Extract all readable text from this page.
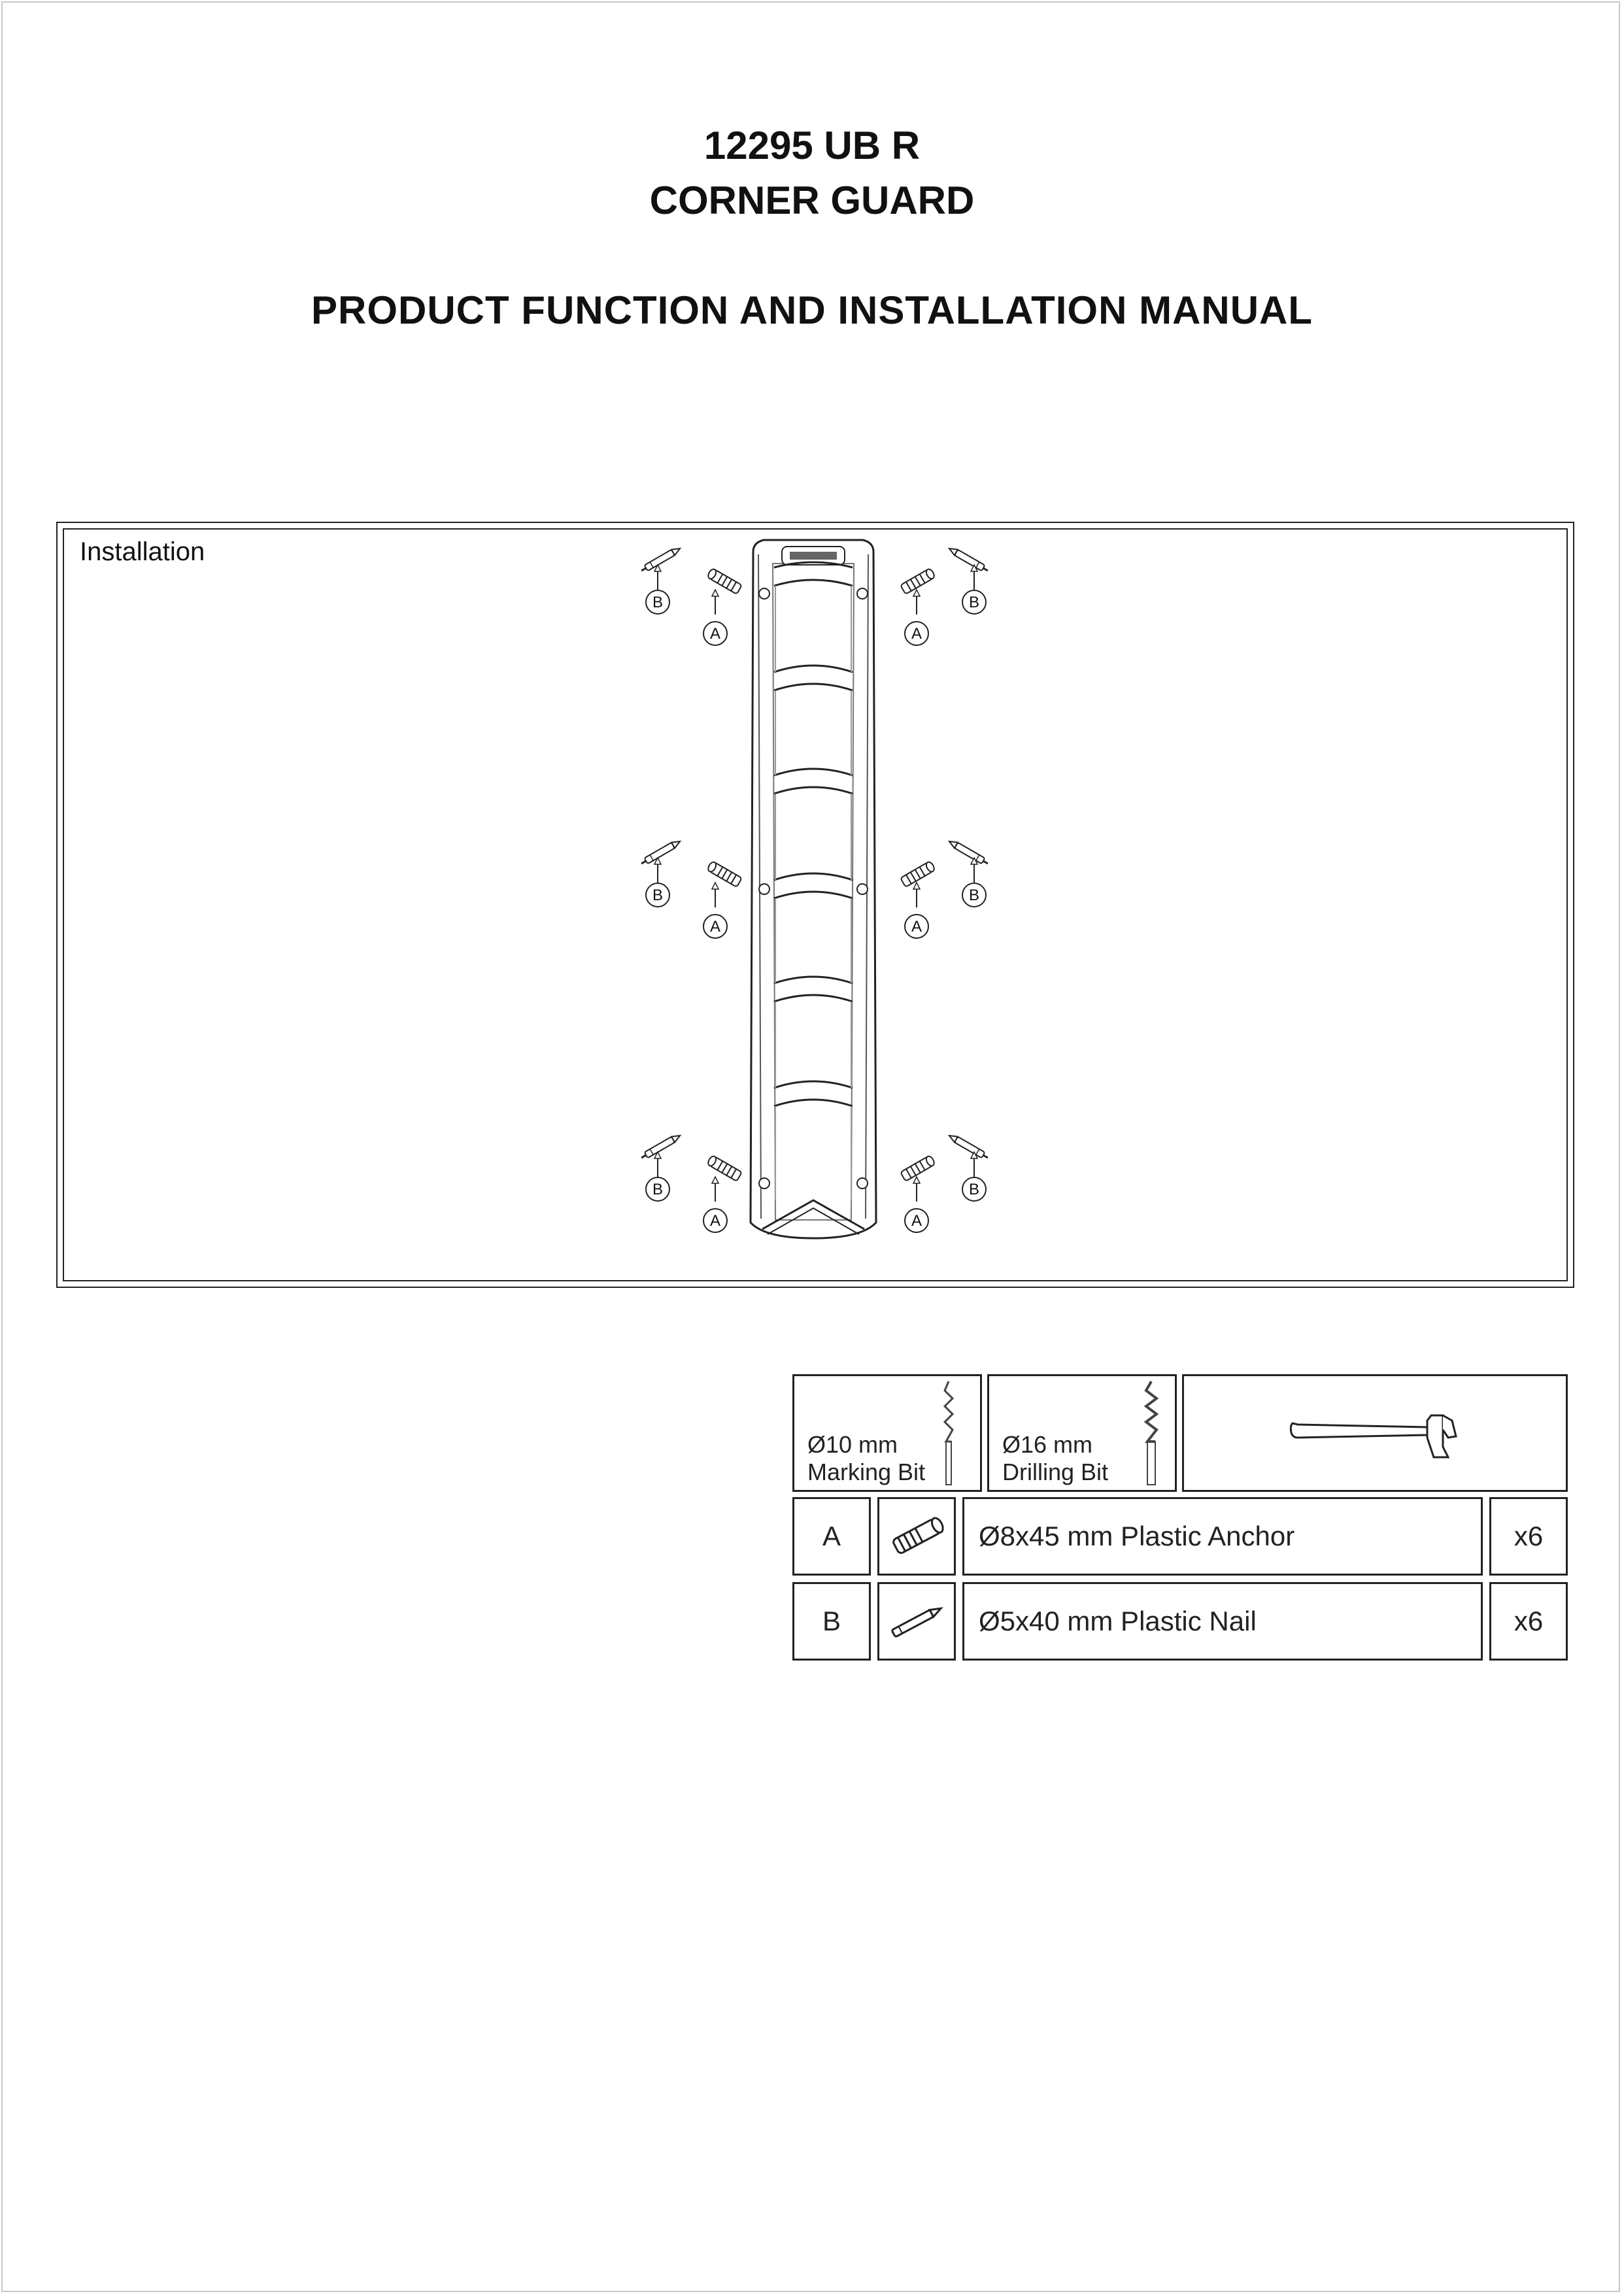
12295 UB R
CORNER GUARD
PRODUCT FUNCTION AND INSTALLATION MANUAL
Installation
B
A	A
B
B
A	A
B
B
A	A
B
Ø10 mm
Marking Bit
Ø16 mm
Drilling Bit
A	Ø8x45 mm Plastic Anchor	x6
B	Ø5x40 mm Plastic Nail	x6
